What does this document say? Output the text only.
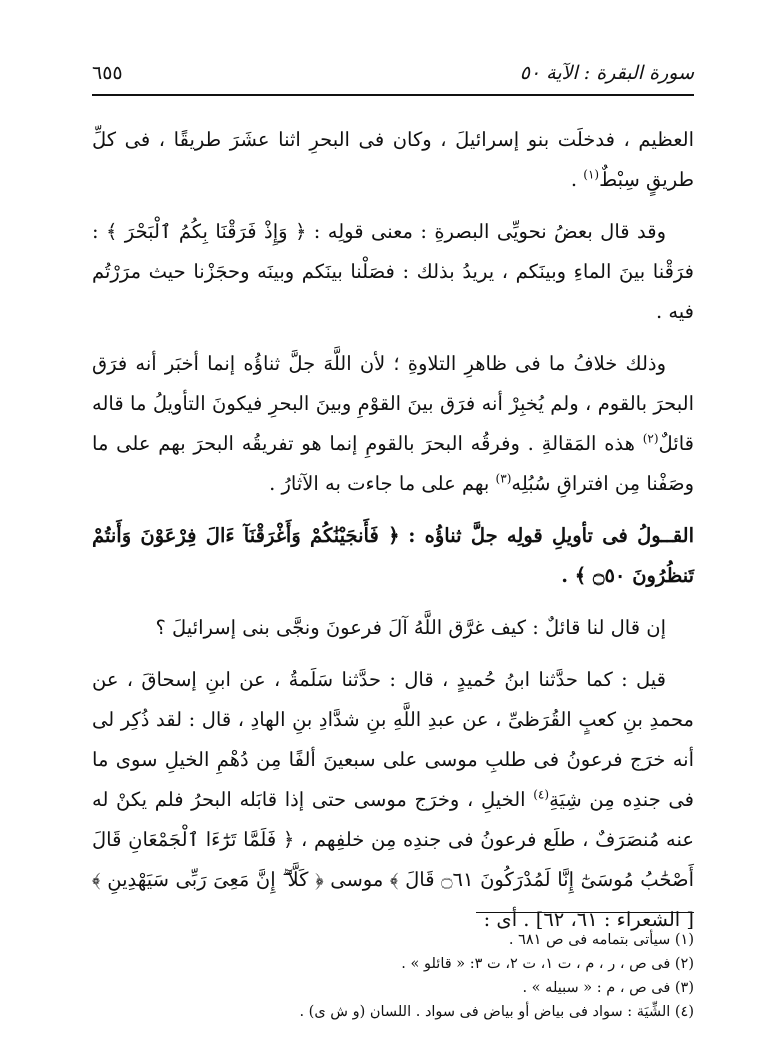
سورة البقرة : الآية ٥٠
٦٥٥

العظيم ، فدخلَت بنو إسرائيلَ ، وكان فى البحرِ اثنا عشَرَ طريقًا ، فى كلِّ طريقٍ سِبْطٌ$^{(١)}$ .

وقد قال بعضُ نحويِّى البصرةِ : معنى قولِه : ﴿ وَإِذْ فَرَقْنَا بِكُمُ ٱلْبَحْرَ ﴾ : فرَقْنا بينَ الماءِ وبينَكم ، يريدُ بذلك : فصَلْنا بينَكم وبينَه وحجَزْنا حيث مرَرْتُم فيه .

وذلك خلافُ ما فى ظاهرِ التلاوةِ ؛ لأن اللَّهَ جلَّ ثناؤُه إنما أخبَر أنه فرَق البحرَ بالقوم ، ولم يُخبِرْ أنه فرَق بينَ القوْمِ وبينَ البحرِ فيكونَ التأويلُ ما قاله قائلٌ$^{(٢)}$ هذه المَقالةِ . وفرقُه البحرَ بالقومِ إنما هو تفريقُه البحرَ بهم على ما وصَفْنا مِن افتراقِ سُبُلِه$^{(٣)}$ بهم على ما جاءت به الآثارُ .

القــولُ فى تأويلِ قولِه جلَّ ثناؤُه : ﴿ فَأَنجَيْنَٰكُمْ وَأَغْرَقْنَآ ءَالَ فِرْعَوْنَ وَأَنتُمْ تَنظُرُونَ ۝٥٠ ﴾ .

إن قال لنا قائلٌ : كيف غرَّق اللَّهُ آلَ فرعونَ ونجَّى بنى إسرائيلَ ؟

قيل : كما حدَّثنا ابنُ حُميدٍ ، قال : حدَّثنا سَلَمةُ ، عن ابنِ إسحاقَ ، عن محمدِ بنِ كعبٍ القُرَظىِّ ، عن عبدِ اللَّهِ بنِ شدَّادِ بنِ الهادِ ، قال : لقد ذُكِر لى أنه خرَج فرعونُ فى طلبِ موسى على سبعينَ ألفًا مِن دُهْمِ الخيلِ سوى ما فى جندِه مِن شِيَةِ$^{(٤)}$ الخيلِ ، وخرَج موسى حتى إذا قابَله البحرُ فلم يكنْ له عنه مُنصَرَفٌ ، طلَع فرعونُ فى جندِه مِن خلفِهم ، ﴿ فَلَمَّا تَرَٰٓءَا ٱلْجَمْعَانِ قَالَ أَصْحَٰبُ مُوسَىٰٓ إِنَّا لَمُدْرَكُونَ ۝٦١ قَالَ ﴾ موسى ﴿ كَلَّآ ۖ إِنَّ مَعِىَ رَبِّى سَيَهْدِينِ ﴾ [ الشعراء : ٦١، ٦٢] . أى :

(١) سيأتى بتمامه فى ص ٦٨١ .
(٢) فى ص ، ر ، م ، ت ١، ت ٢، ت ٣: « قائلو » .
(٣) فى ص ، م : « سبيله » .
(٤) الشِّيَة : سواد فى بياض أو بياض فى سواد . اللسان (و ش ى) .
